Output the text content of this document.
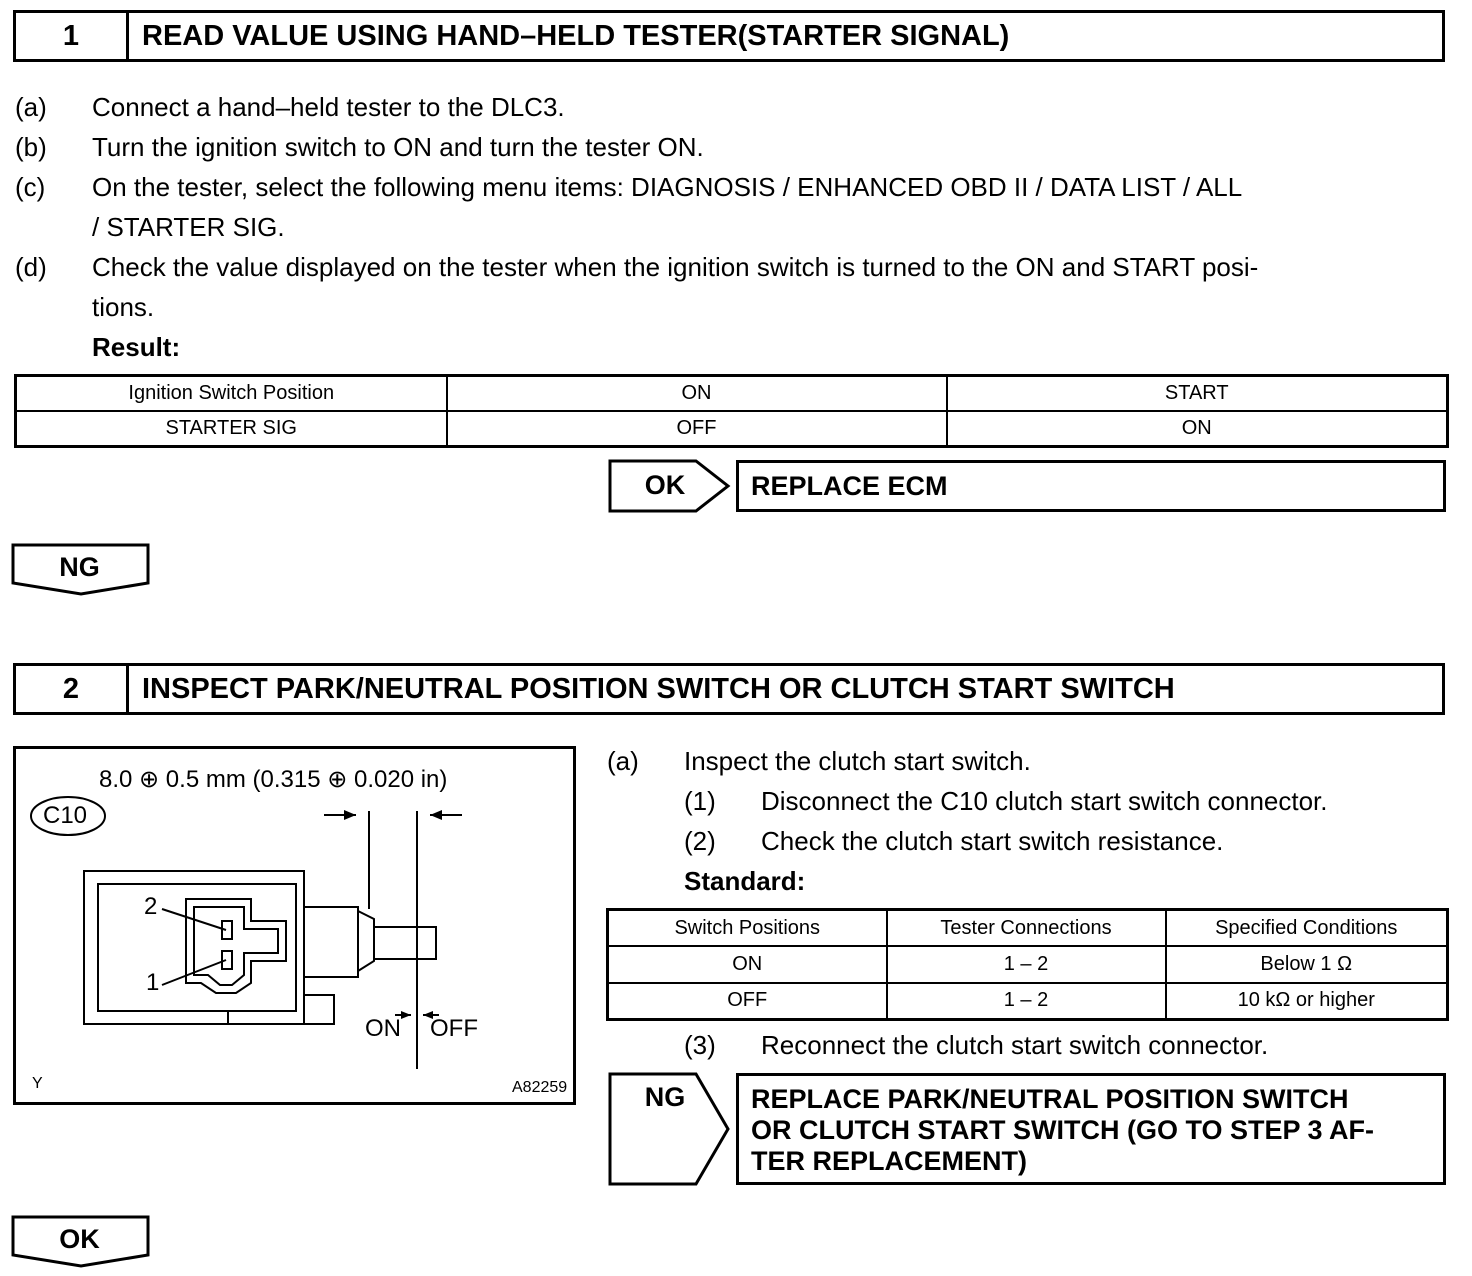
1	READ VALUE USING HAND–HELD TESTER(STARTER SIGNAL)
(a) Connect a hand–held tester to the DLC3.
(b) Turn the ignition switch to ON and turn the tester ON.
(c) On the tester, select the following menu items: DIAGNOSIS / ENHANCED OBD II / DATA LIST / ALL
/ STARTER SIG.
(d) Check the value displayed on the tester when the ignition switch is turned to the ON and START posi-
tions.
Result:
Ignition Switch Position	ON	START
STARTER SIG	OFF	ON
OK	REPLACE ECM
NG
2	INSPECT PARK/NEUTRAL POSITION SWITCH OR CLUTCH START SWITCH
8.0 ⊕ 0.5 mm (0.315 ⊕ 0.020 in)
C10
2
1
ON OFF
Y	A82259
(a) Inspect the clutch start switch.
(1) Disconnect the C10 clutch start switch connector.
(2) Check the clutch start switch resistance.
Standard:
Switch Positions	Tester Connections	Specified Conditions
ON	1 – 2	Below 1 Ω
OFF	1 – 2	10 kΩ or higher
(3) Reconnect the clutch start switch connector.
NG	REPLACE PARK/NEUTRAL POSITION SWITCH
OR CLUTCH START SWITCH (GO TO STEP 3 AF-
TER REPLACEMENT)
OK
